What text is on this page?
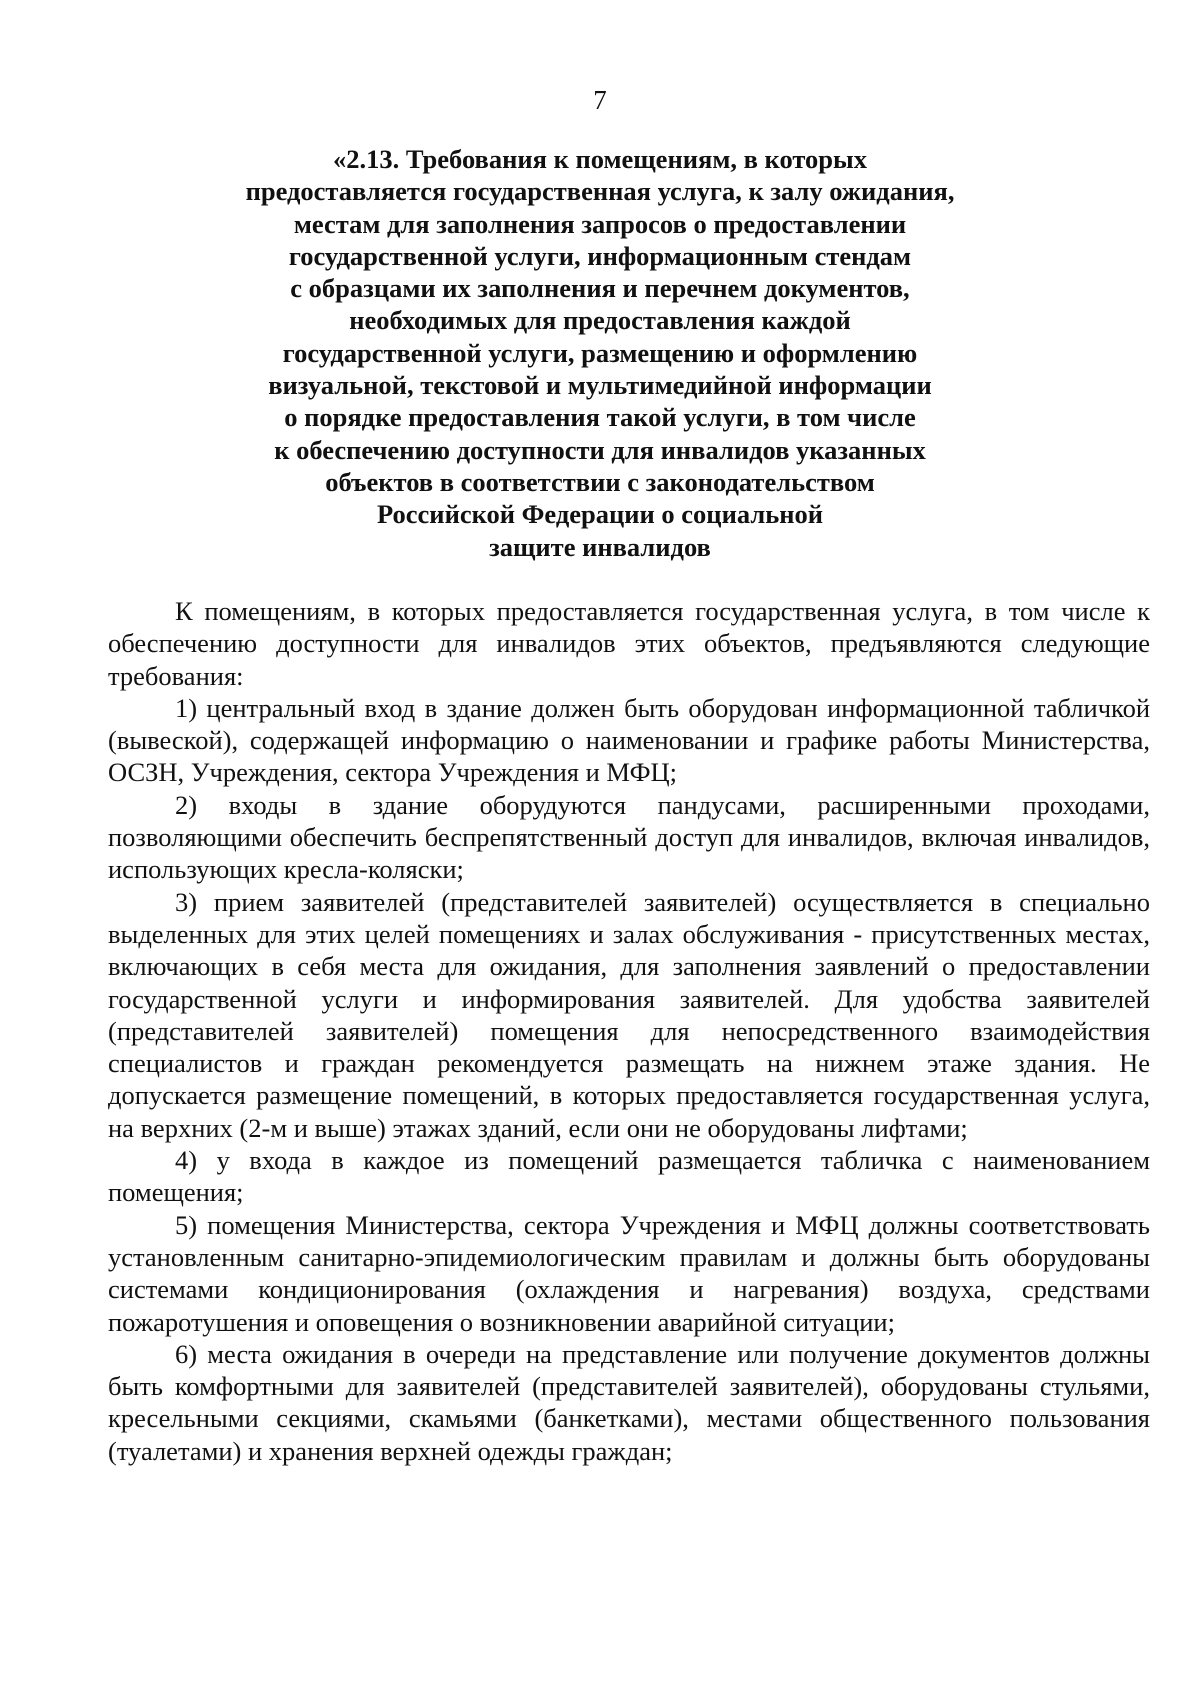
7
«2.13. Требования к помещениям, в которых
предоставляется государственная услуга, к залу ожидания,
местам для заполнения запросов о предоставлении
государственной услуги, информационным стендам
с образцами их заполнения и перечнем документов,
необходимых для предоставления каждой
государственной услуги, размещению и оформлению
визуальной, текстовой и мультимедийной информации
о порядке предоставления такой услуги, в том числе
к обеспечению доступности для инвалидов указанных
объектов в соответствии с законодательством
Российской Федерации о социальной
защите инвалидов

К помещениям, в которых предоставляется государственная услуга, в том числе к обеспечению доступности для инвалидов этих объектов, предъявляются следующие требования:

1) центральный вход в здание должен быть оборудован информационной табличкой (вывеской), содержащей информацию о наименовании и графике работы Министерства, ОСЗН, Учреждения, сектора Учреждения и МФЦ;

2) входы в здание оборудуются пандусами, расширенными проходами, позволяющими обеспечить беспрепятственный доступ для инвалидов, включая инвалидов, использующих кресла-коляски;

3) прием заявителей (представителей заявителей) осуществляется в специально выделенных для этих целей помещениях и залах обслуживания - присутственных местах, включающих в себя места для ожидания, для заполнения заявлений о предоставлении государственной услуги и информирования заявителей. Для удобства заявителей (представителей заявителей) помещения для непосредственного взаимодействия специалистов и граждан рекомендуется размещать на нижнем этаже здания. Не допускается размещение помещений, в которых предоставляется государственная услуга, на верхних (2-м и выше) этажах зданий, если они не оборудованы лифтами;

4) у входа в каждое из помещений размещается табличка с наименованием помещения;

5) помещения Министерства, сектора Учреждения и МФЦ должны соответствовать установленным санитарно-эпидемиологическим правилам и должны быть оборудованы системами кондиционирования (охлаждения и нагревания) воздуха, средствами пожаротушения и оповещения о возникновении аварийной ситуации;

6) места ожидания в очереди на представление или получение документов должны быть комфортными для заявителей (представителей заявителей), оборудованы стульями, кресельными секциями, скамьями (банкетками), местами общественного пользования (туалетами) и хранения верхней одежды граждан;
